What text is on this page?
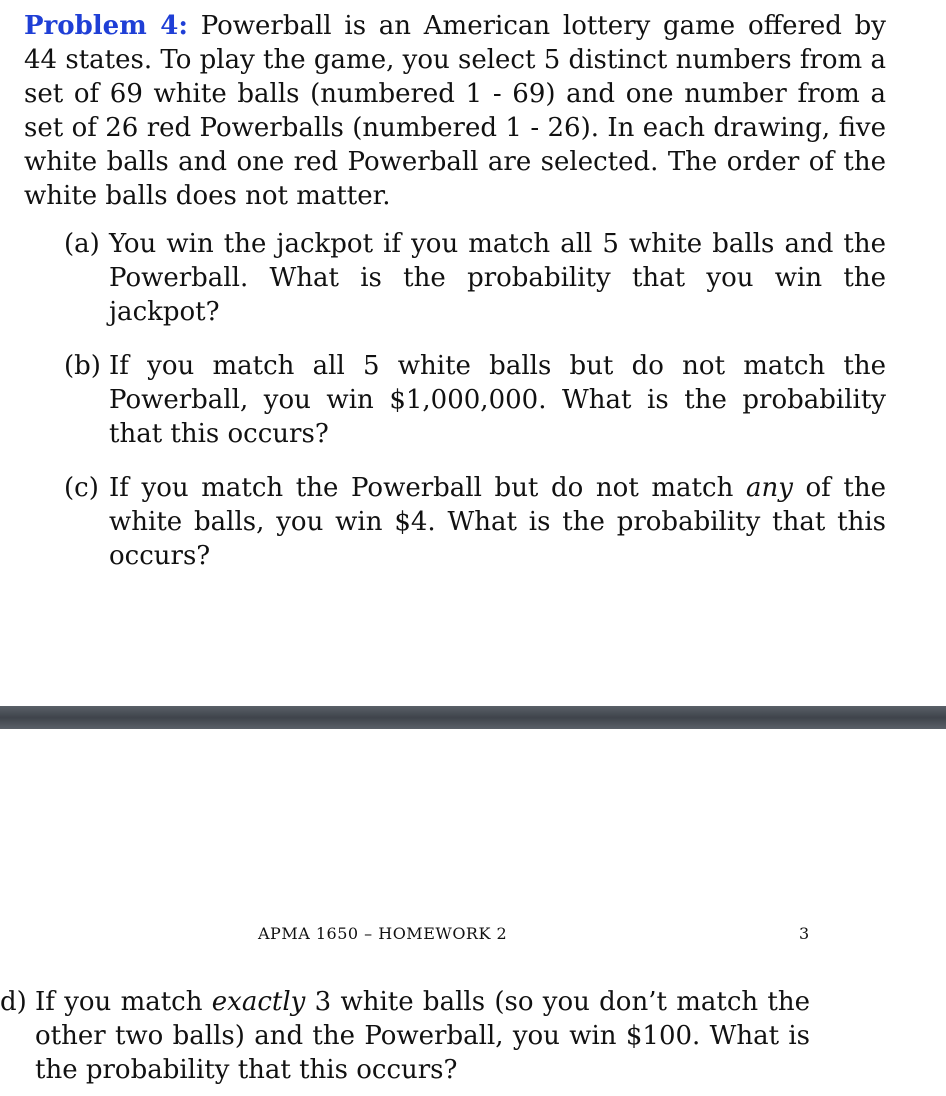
Problem 4: Powerball is an American lottery game offered by 44 states. To play the game, you select 5 distinct numbers from a set of 69 white balls (numbered 1 - 69) and one number from a set of 26 red Powerballs (numbered 1 - 26). In each drawing, five white balls and one red Powerball are selected. The order of the white balls does not matter.
(a) You win the jackpot if you match all 5 white balls and the Powerball. What is the probability that you win the jackpot?
(b) If you match all 5 white balls but do not match the Powerball, you win $1,000,000. What is the probability that this occurs?
(c) If you match the Powerball but do not match any of the white balls, you win $4. What is the probability that this occurs?
APMA 1650 – HOMEWORK 2	3
d) If you match exactly 3 white balls (so you don’t match the other two balls) and the Powerball, you win $100. What is the probability that this occurs?
